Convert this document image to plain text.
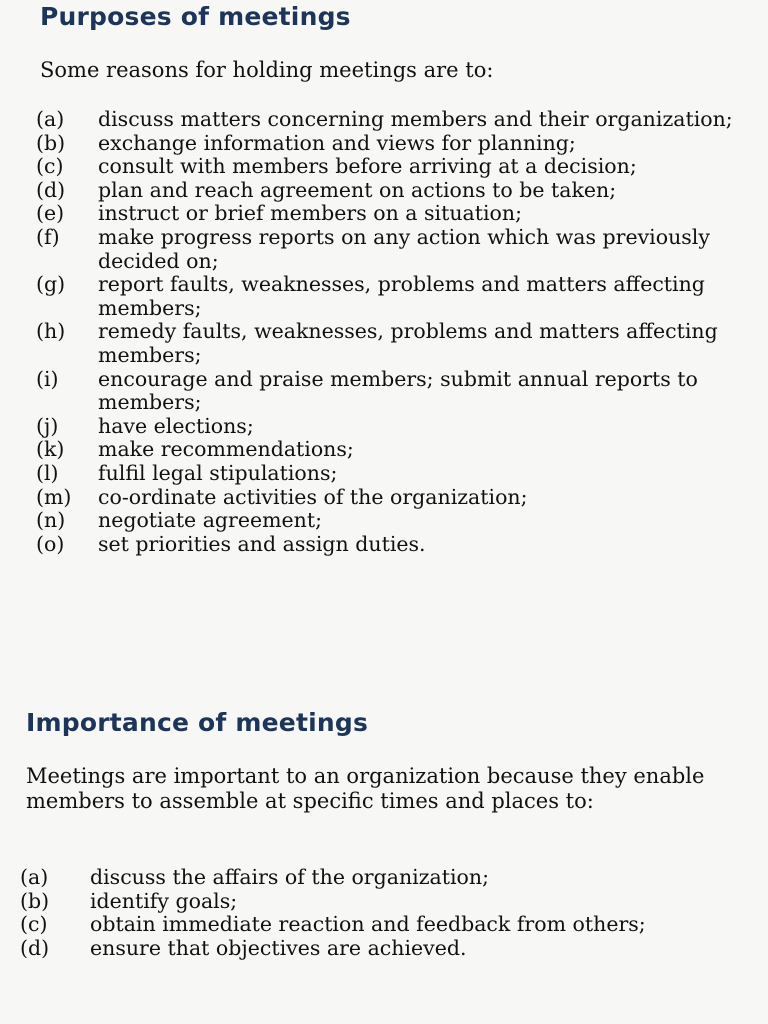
Purposes of meetings
Some reasons for holding meetings are to:
(a)	discuss matters concerning members and their organization;
(b)	exchange information and views for planning;
(c)	consult with members before arriving at a decision;
(d)	plan and reach agreement on actions to be taken;
(e)	instruct or brief members on a situation;
(f)	make progress reports on any action which was previously decided on;
(g)	report faults, weaknesses, problems and matters affecting members;
(h)	remedy faults, weaknesses, problems and matters affecting members;
(i)	encourage and praise members; submit annual reports to members;
(j)	have elections;
(k)	make recommendations;
(l)	fulfil legal stipulations;
(m)	co-ordinate activities of the organization;
(n)	negotiate agreement;
(o)	set priorities and assign duties.
Importance of meetings
Meetings are important to an organization because they enable members to assemble at specific times and places to:
(a)	discuss the affairs of the organization;
(b)	identify goals;
(c)	obtain immediate reaction and feedback from others;
(d)	ensure that objectives are achieved.
